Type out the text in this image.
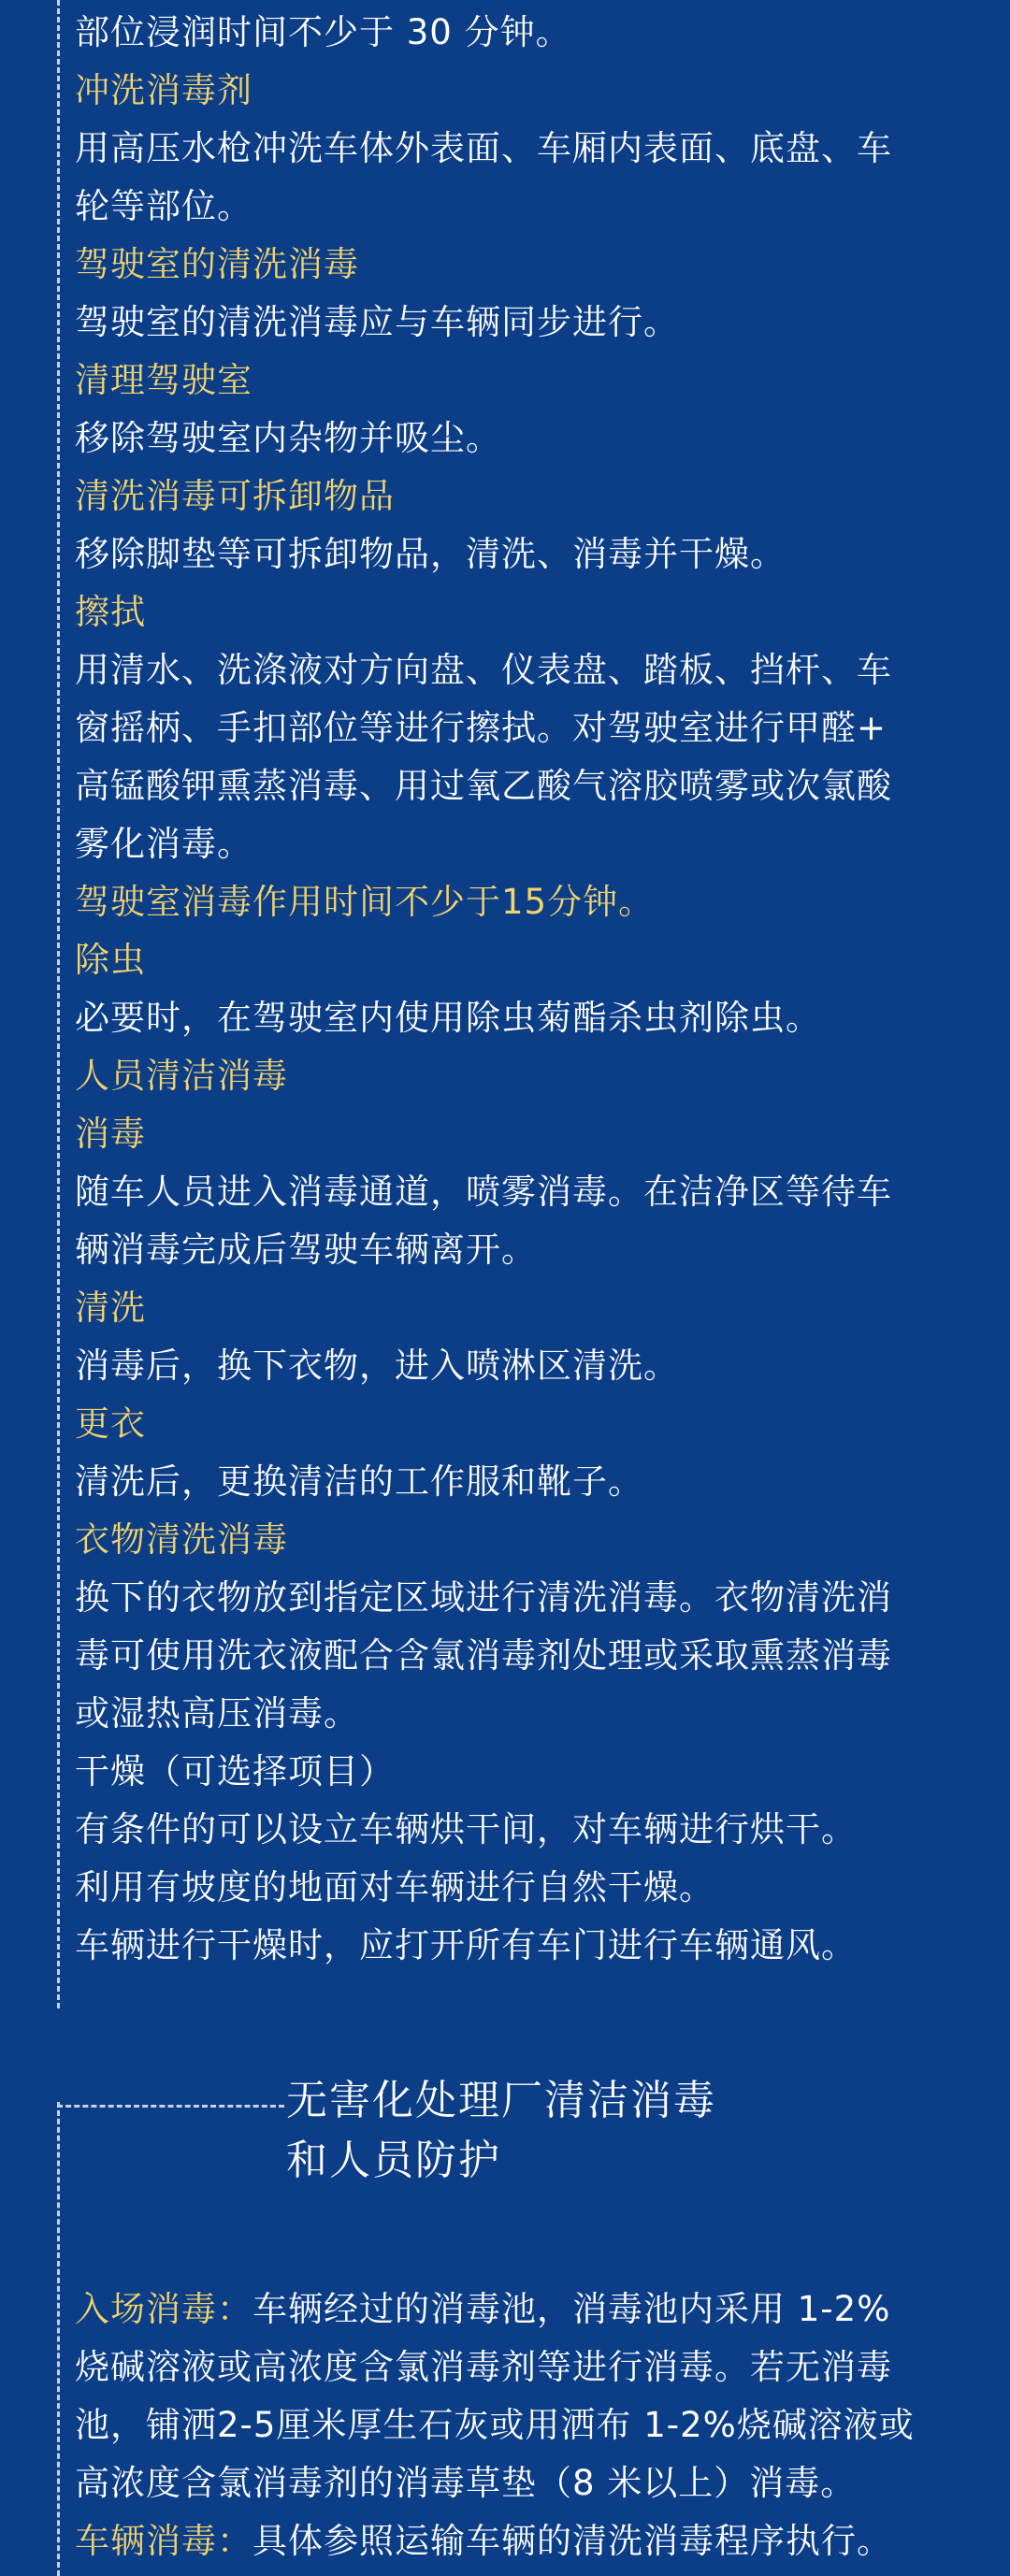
部位浸润时间不少于 30 分钟。
冲洗消毒剂
用高压水枪冲洗车体外表面、车厢内表面、底盘、车
轮等部位。
驾驶室的清洗消毒
驾驶室的清洗消毒应与车辆同步进行。
清理驾驶室
移除驾驶室内杂物并吸尘。
清洗消毒可拆卸物品
移除脚垫等可拆卸物品，清洗、消毒并干燥。
擦拭
用清水、洗涤液对方向盘、仪表盘、踏板、挡杆、车
窗摇柄、手扣部位等进行擦拭。对驾驶室进行甲醛+
高锰酸钾熏蒸消毒、用过氧乙酸气溶胶喷雾或次氯酸
雾化消毒。
驾驶室消毒作用时间不少于15分钟。
除虫
必要时，在驾驶室内使用除虫菊酯杀虫剂除虫。
人员清洁消毒
消毒
随车人员进入消毒通道，喷雾消毒。在洁净区等待车
辆消毒完成后驾驶车辆离开。
清洗
消毒后，换下衣物，进入喷淋区清洗。
更衣
清洗后，更换清洁的工作服和靴子。
衣物清洗消毒
换下的衣物放到指定区域进行清洗消毒。衣物清洗消
毒可使用洗衣液配合含氯消毒剂处理或采取熏蒸消毒
或湿热高压消毒。
干燥（可选择项目）
有条件的可以设立车辆烘干间，对车辆进行烘干。
利用有坡度的地面对车辆进行自然干燥。
车辆进行干燥时，应打开所有车门进行车辆通风。
无害化处理厂清洁消毒
和人员防护
入场消毒：车辆经过的消毒池，消毒池内采用 1-2%
烧碱溶液或高浓度含氯消毒剂等进行消毒。若无消毒
池，铺洒2-5厘米厚生石灰或用洒布 1-2%烧碱溶液或
高浓度含氯消毒剂的消毒草垫（8 米以上）消毒。
车辆消毒：具体参照运输车辆的清洗消毒程序执行。
